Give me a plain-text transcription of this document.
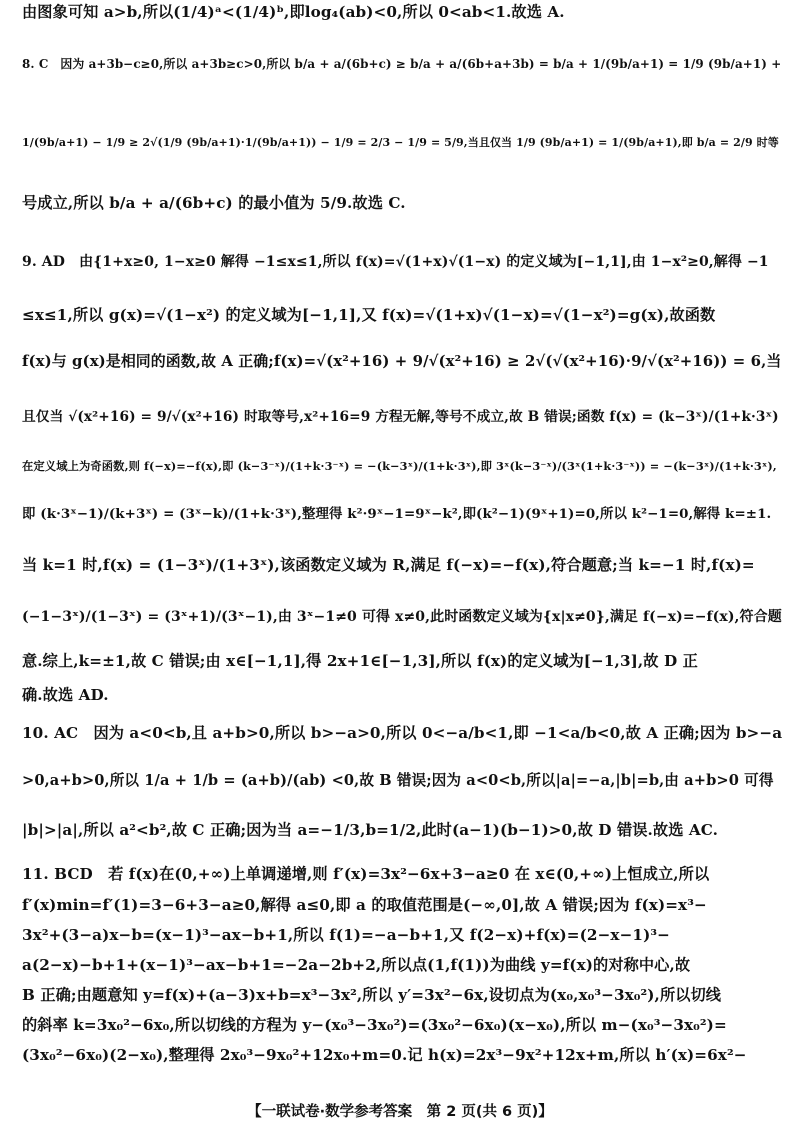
由图象可知 a>b,所以(1/4)ᵃ<(1/4)ᵇ,即log₄(ab)<0,所以 0<ab<1.故选 A.
8. C　因为 a+3b−c≥0,所以 a+3b≥c>0,所以 b/a + a/(6b+c) ≥ b/a + a/(6b+a+3b) = b/a + 1/(9b/a+1) = 1/9 (9b/a+1) +
1/(9b/a+1) − 1/9 ≥ 2√(1/9 (9b/a+1)·1/(9b/a+1)) − 1/9 = 2/3 − 1/9 = 5/9,当且仅当 1/9 (9b/a+1) = 1/(9b/a+1),即 b/a = 2/9 时等
号成立,所以 b/a + a/(6b+c) 的最小值为 5/9.故选 C.
9. AD　由{1+x≥0, 1−x≥0 解得 −1≤x≤1,所以 f(x)=√(1+x)√(1−x) 的定义域为[−1,1],由 1−x²≥0,解得 −1
≤x≤1,所以 g(x)=√(1−x²) 的定义域为[−1,1],又 f(x)=√(1+x)√(1−x)=√(1−x²)=g(x),故函数
f(x)与 g(x)是相同的函数,故 A 正确;f(x)=√(x²+16) + 9/√(x²+16) ≥ 2√(√(x²+16)·9/√(x²+16)) = 6,当
且仅当 √(x²+16) = 9/√(x²+16) 时取等号,x²+16=9 方程无解,等号不成立,故 B 错误;函数 f(x) = (k−3ˣ)/(1+k·3ˣ)
在定义域上为奇函数,则 f(−x)=−f(x),即 (k−3⁻ˣ)/(1+k·3⁻ˣ) = −(k−3ˣ)/(1+k·3ˣ),即 3ˣ(k−3⁻ˣ)/(3ˣ(1+k·3⁻ˣ)) = −(k−3ˣ)/(1+k·3ˣ),
即 (k·3ˣ−1)/(k+3ˣ) = (3ˣ−k)/(1+k·3ˣ),整理得 k²·9ˣ−1=9ˣ−k²,即(k²−1)(9ˣ+1)=0,所以 k²−1=0,解得 k=±1.
当 k=1 时,f(x) = (1−3ˣ)/(1+3ˣ),该函数定义域为 R,满足 f(−x)=−f(x),符合题意;当 k=−1 时,f(x)=
(−1−3ˣ)/(1−3ˣ) = (3ˣ+1)/(3ˣ−1),由 3ˣ−1≠0 可得 x≠0,此时函数定义域为{x|x≠0},满足 f(−x)=−f(x),符合题
意.综上,k=±1,故 C 错误;由 x∈[−1,1],得 2x+1∈[−1,3],所以 f(x)的定义域为[−1,3],故 D 正
确.故选 AD.
10. AC　因为 a<0<b,且 a+b>0,所以 b>−a>0,所以 0<−a/b<1,即 −1<a/b<0,故 A 正确;因为 b>−a
>0,a+b>0,所以 1/a + 1/b = (a+b)/(ab) <0,故 B 错误;因为 a<0<b,所以|a|=−a,|b|=b,由 a+b>0 可得
|b|>|a|,所以 a²<b²,故 C 正确;因为当 a=−1/3,b=1/2,此时(a−1)(b−1)>0,故 D 错误.故选 AC.
11. BCD　若 f(x)在(0,+∞)上单调递增,则 f′(x)=3x²−6x+3−a≥0 在 x∈(0,+∞)上恒成立,所以
f′(x)min=f′(1)=3−6+3−a≥0,解得 a≤0,即 a 的取值范围是(−∞,0],故 A 错误;因为 f(x)=x³−
3x²+(3−a)x−b=(x−1)³−ax−b+1,所以 f(1)=−a−b+1,又 f(2−x)+f(x)=(2−x−1)³−
a(2−x)−b+1+(x−1)³−ax−b+1=−2a−2b+2,所以点(1,f(1))为曲线 y=f(x)的对称中心,故
B 正确;由题意知 y=f(x)+(a−3)x+b=x³−3x²,所以 y′=3x²−6x,设切点为(x₀,x₀³−3x₀²),所以切线
的斜率 k=3x₀²−6x₀,所以切线的方程为 y−(x₀³−3x₀²)=(3x₀²−6x₀)(x−x₀),所以 m−(x₀³−3x₀²)=
(3x₀²−6x₀)(2−x₀),整理得 2x₀³−9x₀²+12x₀+m=0.记 h(x)=2x³−9x²+12x+m,所以 h′(x)=6x²−
【一联试卷·数学参考答案　第 2 页(共 6 页)】
